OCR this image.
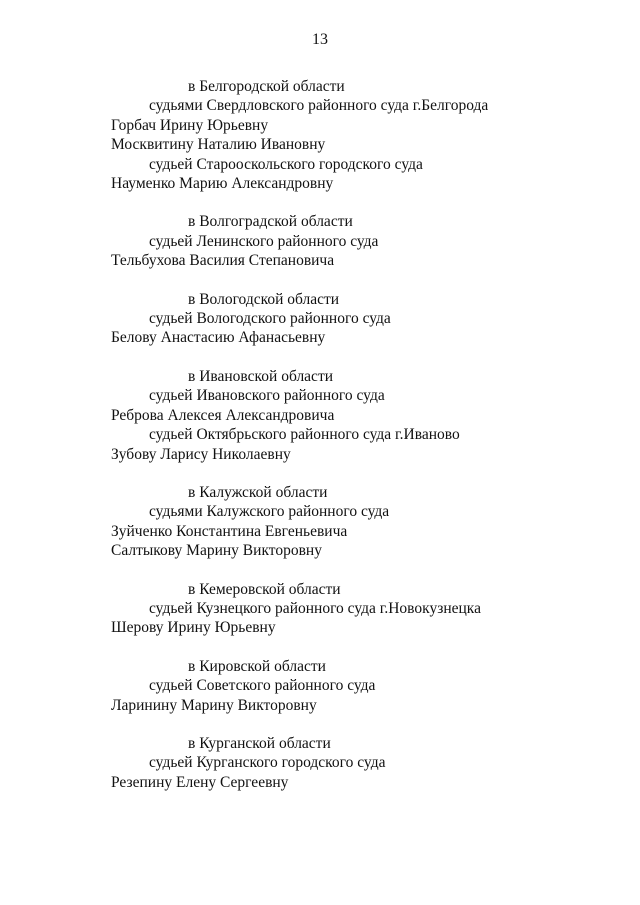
13
в Белгородской области
судьями Свердловского районного суда г.Белгорода
Горбач Ирину Юрьевну
Москвитину Наталию Ивановну
судьей Старооскольского городского суда
Науменко Марию Александровну
в Волгоградской области
судьей Ленинского районного суда
Тельбухова Василия Степановича
в Вологодской области
судьей Вологодского районного суда
Белову Анастасию Афанасьевну
в Ивановской области
судьей Ивановского районного суда
Реброва Алексея Александровича
судьей Октябрьского районного суда г.Иваново
Зубову Ларису Николаевну
в Калужской области
судьями Калужского районного суда
Зуйченко Константина Евгеньевича
Салтыкову Марину Викторовну
в Кемеровской области
судьей Кузнецкого районного суда г.Новокузнецка
Шерову Ирину Юрьевну
в Кировской области
судьей Советского районного суда
Ларинину Марину Викторовну
в Курганской области
судьей Курганского городского суда
Резепину Елену Сергеевну
